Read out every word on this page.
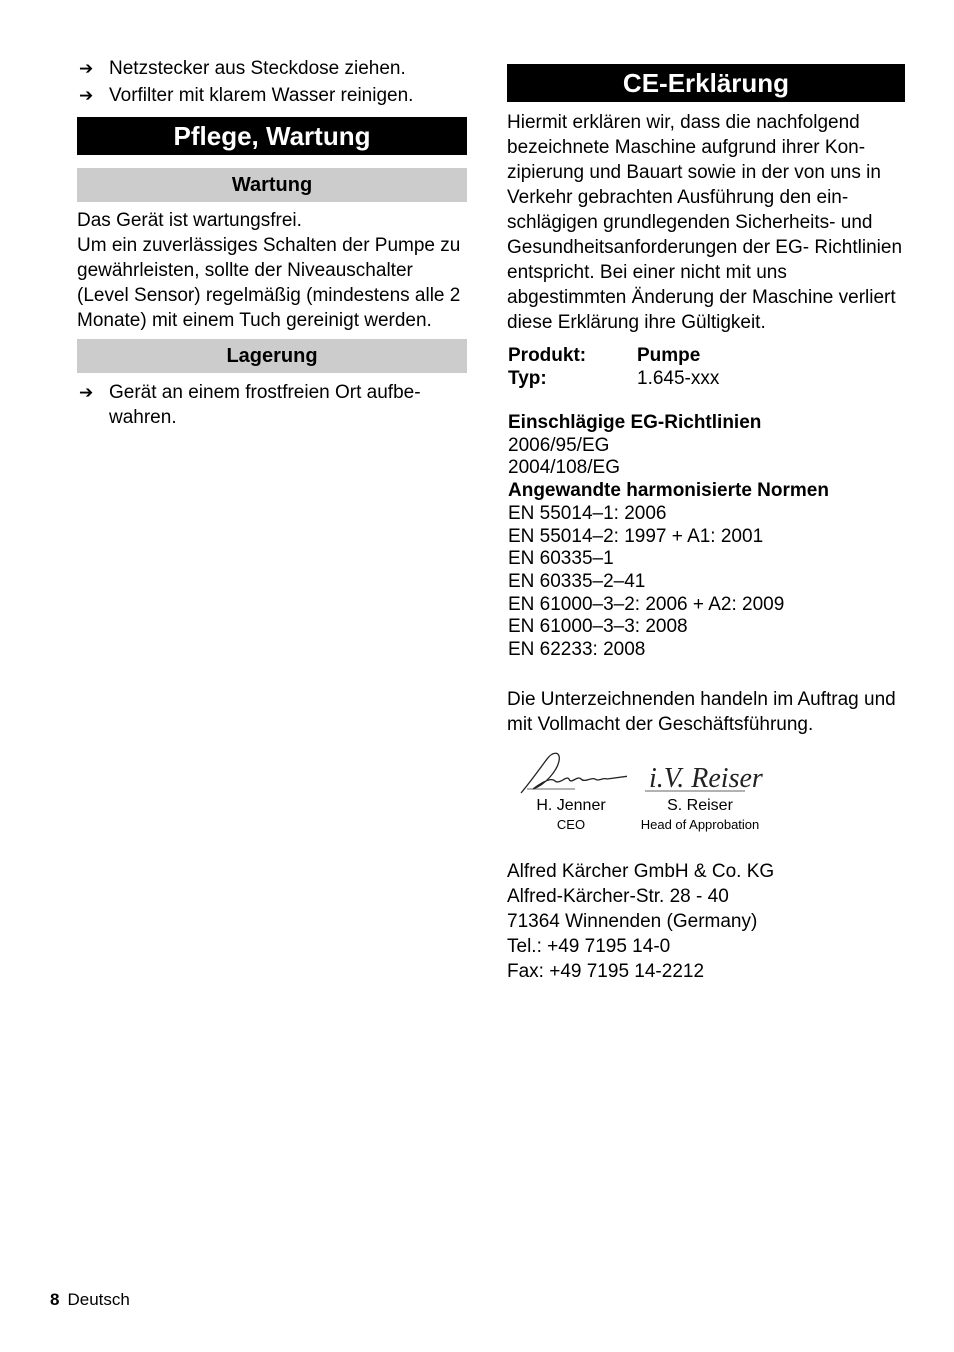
➔ Netzstecker aus Steckdose ziehen.
➔ Vorfilter mit klarem Wasser reinigen.
Pflege, Wartung
Wartung

Das Gerät ist wartungsfrei.

Um ein zuverlässiges Schalten der Pumpe zu gewährleisten, sollte der Niveauschalter (Level Sensor) regelmäßig (mindestens alle 2 Monate) mit einem Tuch gereinigt werden.

Lagerung
➔ Gerät an einem frostfreien Ort aufbe- wahren.
CE-Erklärung

Hiermit erklären wir, dass die nachfolgend bezeichnete Maschine aufgrund ihrer Kon- zipierung und Bauart sowie in der von uns in Verkehr gebrachten Ausführung den ein- schlägigen grundlegenden Sicherheits- und Gesundheitsanforderungen der EG- Richtlinien entspricht. Bei einer nicht mit uns abgestimmten Änderung der Maschine verliert diese Erklärung ihre Gültigkeit.

Produkt:	Pumpe
Typ:	1.645-xxx
Einschlägige EG-Richtlinien
2006/95/EG
2004/108/EG
Angewandte harmonisierte Normen
EN 55014–1: 2006
EN 55014–2: 1997 + A1: 2001
EN 60335–1
EN 60335–2–41
EN 61000–3–2: 2006 + A2: 2009
EN 61000–3–3: 2008
EN 62233: 2008

Die Unterzeichnenden handeln im Auftrag und mit Vollmacht der Geschäftsführung.

H. Jenner
CEO
i.V. Reiser
S. Reiser
Head of Approbation
Alfred Kärcher GmbH & Co. KG
Alfred-Kärcher-Str. 28 - 40
71364 Winnenden (Germany)
Tel.: +49 7195 14-0
Fax: +49 7195 14-2212
8 Deutsch
